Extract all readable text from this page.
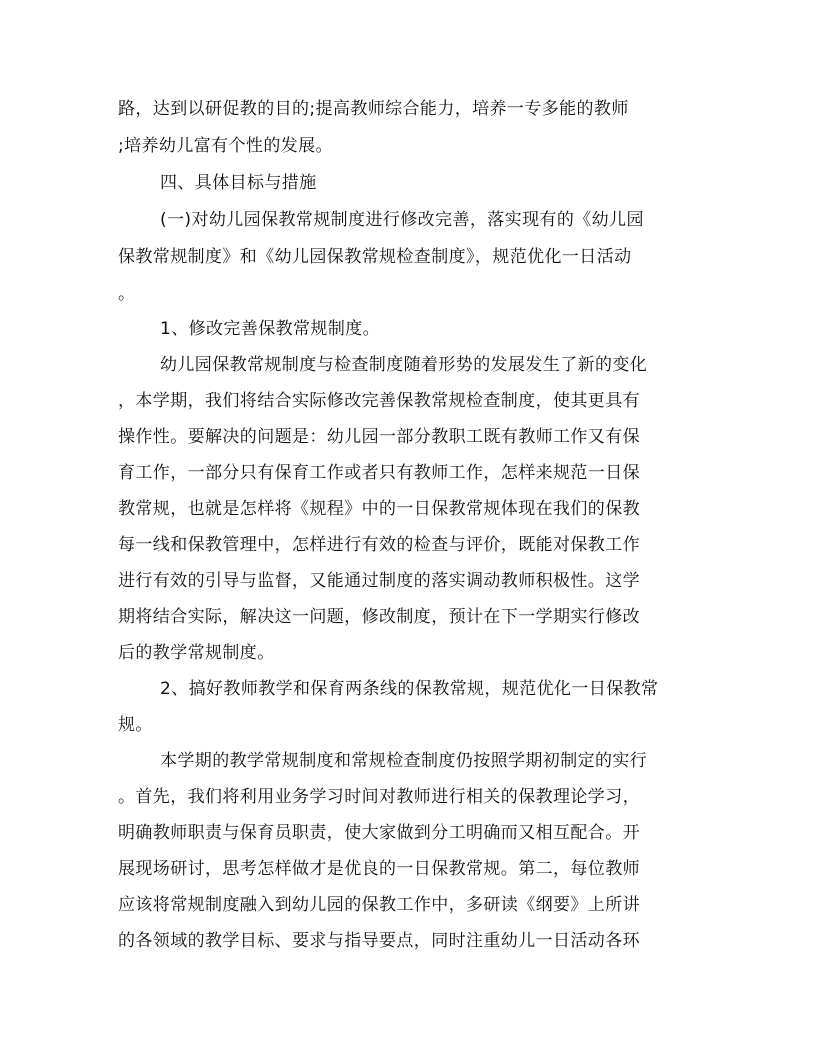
路，达到以研促教的目的;提高教师综合能力，培养一专多能的教师

;培养幼儿富有个性的发展。

四、具体目标与措施

(一)对幼儿园保教常规制度进行修改完善，落实现有的《幼儿园

保教常规制度》和《幼儿园保教常规检查制度》，规范优化一日活动

。

1、修改完善保教常规制度。

幼儿园保教常规制度与检查制度随着形势的发展发生了新的变化

，本学期，我们将结合实际修改完善保教常规检查制度，使其更具有

操作性。要解决的问题是：幼儿园一部分教职工既有教师工作又有保

育工作，一部分只有保育工作或者只有教师工作，怎样来规范一日保

教常规，也就是怎样将《规程》中的一日保教常规体现在我们的保教

每一线和保教管理中，怎样进行有效的检查与评价，既能对保教工作

进行有效的引导与监督，又能通过制度的落实调动教师积极性。这学

期将结合实际，解决这一问题，修改制度，预计在下一学期实行修改

后的教学常规制度。

2、搞好教师教学和保育两条线的保教常规，规范优化一日保教常

规。

本学期的教学常规制度和常规检查制度仍按照学期初制定的实行

。首先，我们将利用业务学习时间对教师进行相关的保教理论学习，

明确教师职责与保育员职责，使大家做到分工明确而又相互配合。开

展现场研讨，思考怎样做才是优良的一日保教常规。第二，每位教师

应该将常规制度融入到幼儿园的保教工作中，多研读《纲要》上所讲

的各领域的教学目标、要求与指导要点，同时注重幼儿一日活动各环
